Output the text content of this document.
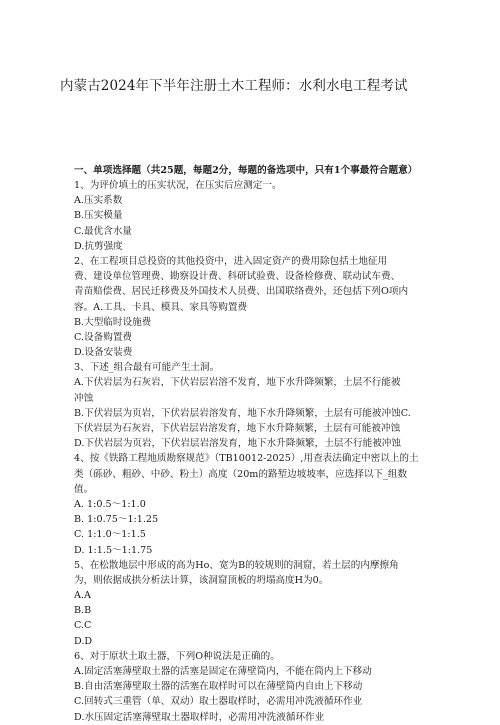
内蒙古2024年下半年注册土木工程师：水利水电工程考试
一、单项选择题（共25题，每题2分，每题的备选项中，只有1个事最符合题意）
1、为评价填土的压实状况，在压实后应测定一。
A.压实系数
B.压实模量
C.最优含水量
D.抗剪强度
2、在工程项目总投资的其他投资中，进入固定资产的费用除包括土地征用
费、建设单位管理费、勘察设计费、科研试验费、设备检修费、联动试车费、
青苗赔偿费、居民迁移费及外国技术人员费、出国联络费外，还包括下列O项内
容。A.工具、卡具、模具、家具等购置费
B.大型临时设施费
C.设备购置费
D.设备安装费
3、下述_组合最有可能产生土洞。
A.下伏岩层为石灰岩，下伏岩层岩溶不发育，地下水升降频繁，土层不行能被
冲蚀
B.下伏岩层为页岩，下伏岩层岩溶发育，地下水升降频繁，土层有可能被冲蚀C.
下伏岩层为石灰岩，下伏岩层岩溶发育，地下水升降频繁，土层有可能被冲蚀
D.下伏岩层为页岩，下伏岩层岩溶发育，地下水升降频繁，土层不行能被冲蚀
4、按《铁路工程地质勘察规范》（TB10012-2025）,用查表法确定中密以上的土
类（砾砂、粗砂、中砂、粉土）高度（20m的路堑边坡坡率，应选择以下_组数
值。
A. 1:0.5～1:1.0
B. 1:0.75～1:1.25
C. 1:1.0～1:1.5
D. 1:1.5～1:1.75
5、在松散地层中形成的高为Ho、宽为B的较规则的洞窟，若土层的内摩擦角
为，则依据成拱分析法计算，该洞窟顶板的坍塌高度H为0。
A.A
B.B
C.C
D.D
6、对于原状土取土器，下列O种说法是正确的。
A.固定活塞薄壁取土器的活塞是固定在薄壁筒内，不能在筒内上下移动
B.自由活塞薄壁取土器的活塞在取样时可以在薄壁筒内自由上下移动
C.回转式三重管（单、双动）取土器取样时，必需用冲洗液循环作业
D.水压固定活塞薄壁取土器取样时，必需用冲洗液循环作业
